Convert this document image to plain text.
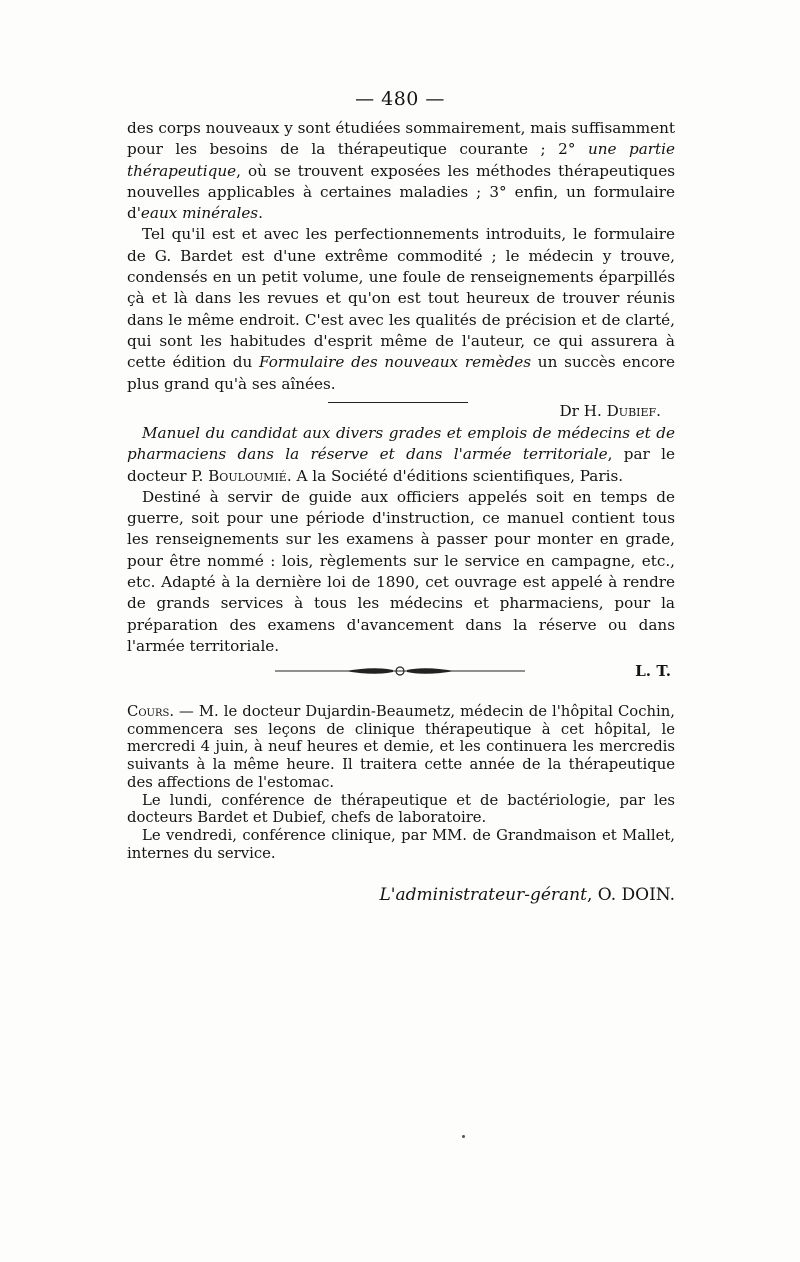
— 480 —

des corps nouveaux y sont étudiées sommairement, mais suffisamment pour les besoins de la thérapeutique courante ; 2° une partie thérapeutique, où se trouvent exposées les méthodes thérapeutiques nouvelles applicables à certaines maladies ; 3° enfin, un formulaire d'eaux minérales.

Tel qu'il est et avec les perfectionnements introduits, le formulaire de G. Bardet est d'une extrême commodité ; le médecin y trouve, condensés en un petit volume, une foule de renseignements éparpillés çà et là dans les revues et qu'on est tout heureux de trouver réunis dans le même endroit. C'est avec les qualités de précision et de clarté, qui sont les habitudes d'esprit même de l'auteur, ce qui assurera à cette édition du Formulaire des nouveaux remèdes un succès encore plus grand qu'à ses aînées.

Dr H. Dubief.

Manuel du candidat aux divers grades et emplois de médecins et de pharmaciens dans la réserve et dans l'armée territoriale, par le docteur P. Bouloumié. A la Société d'éditions scientifiques, Paris.

Destiné à servir de guide aux officiers appelés soit en temps de guerre, soit pour une période d'instruction, ce manuel contient tous les renseignements sur les examens à passer pour monter en grade, pour être nommé : lois, règlements sur le service en campagne, etc., etc. Adapté à la dernière loi de 1890, cet ouvrage est appelé à rendre de grands services à tous les médecins et pharmaciens, pour la préparation des examens d'avancement dans la réserve ou dans l'armée territoriale.

L. T.

Cours. — M. le docteur Dujardin-Beaumetz, médecin de l'hôpital Cochin, commencera ses leçons de clinique thérapeutique à cet hôpital, le mercredi 4 juin, à neuf heures et demie, et les continuera les mercredis suivants à la même heure. Il traitera cette année de la thérapeutique des affections de l'estomac.

Le lundi, conférence de thérapeutique et de bactériologie, par les docteurs Bardet et Dubief, chefs de laboratoire.

Le vendredi, conférence clinique, par MM. de Grandmaison et Mallet, internes du service.

L'administrateur-gérant, O. DOIN.
